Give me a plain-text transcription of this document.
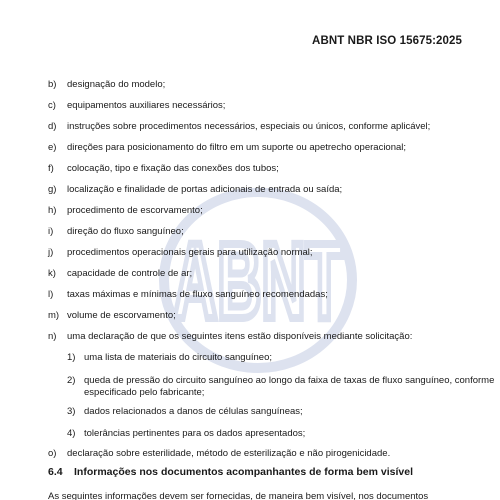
ABNT NBR ISO 15675:2025
ABNT
b) designação do modelo;
c) equipamentos auxiliares necessários;
d) instruções sobre procedimentos necessários, especiais ou únicos, conforme aplicável;
e) direções para posicionamento do filtro em um suporte ou apetrecho operacional;
f) colocação, tipo e fixação das conexões dos tubos;
g) localização e finalidade de portas adicionais de entrada ou saída;
h) procedimento de escorvamento;
i) direção do fluxo sanguíneo;
j) procedimentos operacionais gerais para utilização normal;
k) capacidade de controle de ar;
l) taxas máximas e mínimas de fluxo sanguíneo recomendadas;
m) volume de escorvamento;
n) uma declaração de que os seguintes itens estão disponíveis mediante solicitação:
1) uma lista de materiais do circuito sanguíneo;
2) queda de pressão do circuito sanguíneo ao longo da faixa de taxas de fluxo sanguíneo, conforme
especificado pelo fabricante;
3) dados relacionados a danos de células sanguíneas;
4) tolerâncias pertinentes para os dados apresentados;
o) declaração sobre esterilidade, método de esterilização e não pirogenicidade.
6.4 Informações nos documentos acompanhantes de forma bem visível
As seguintes informações devem ser fornecidas, de maneira bem visível, nos documentos
